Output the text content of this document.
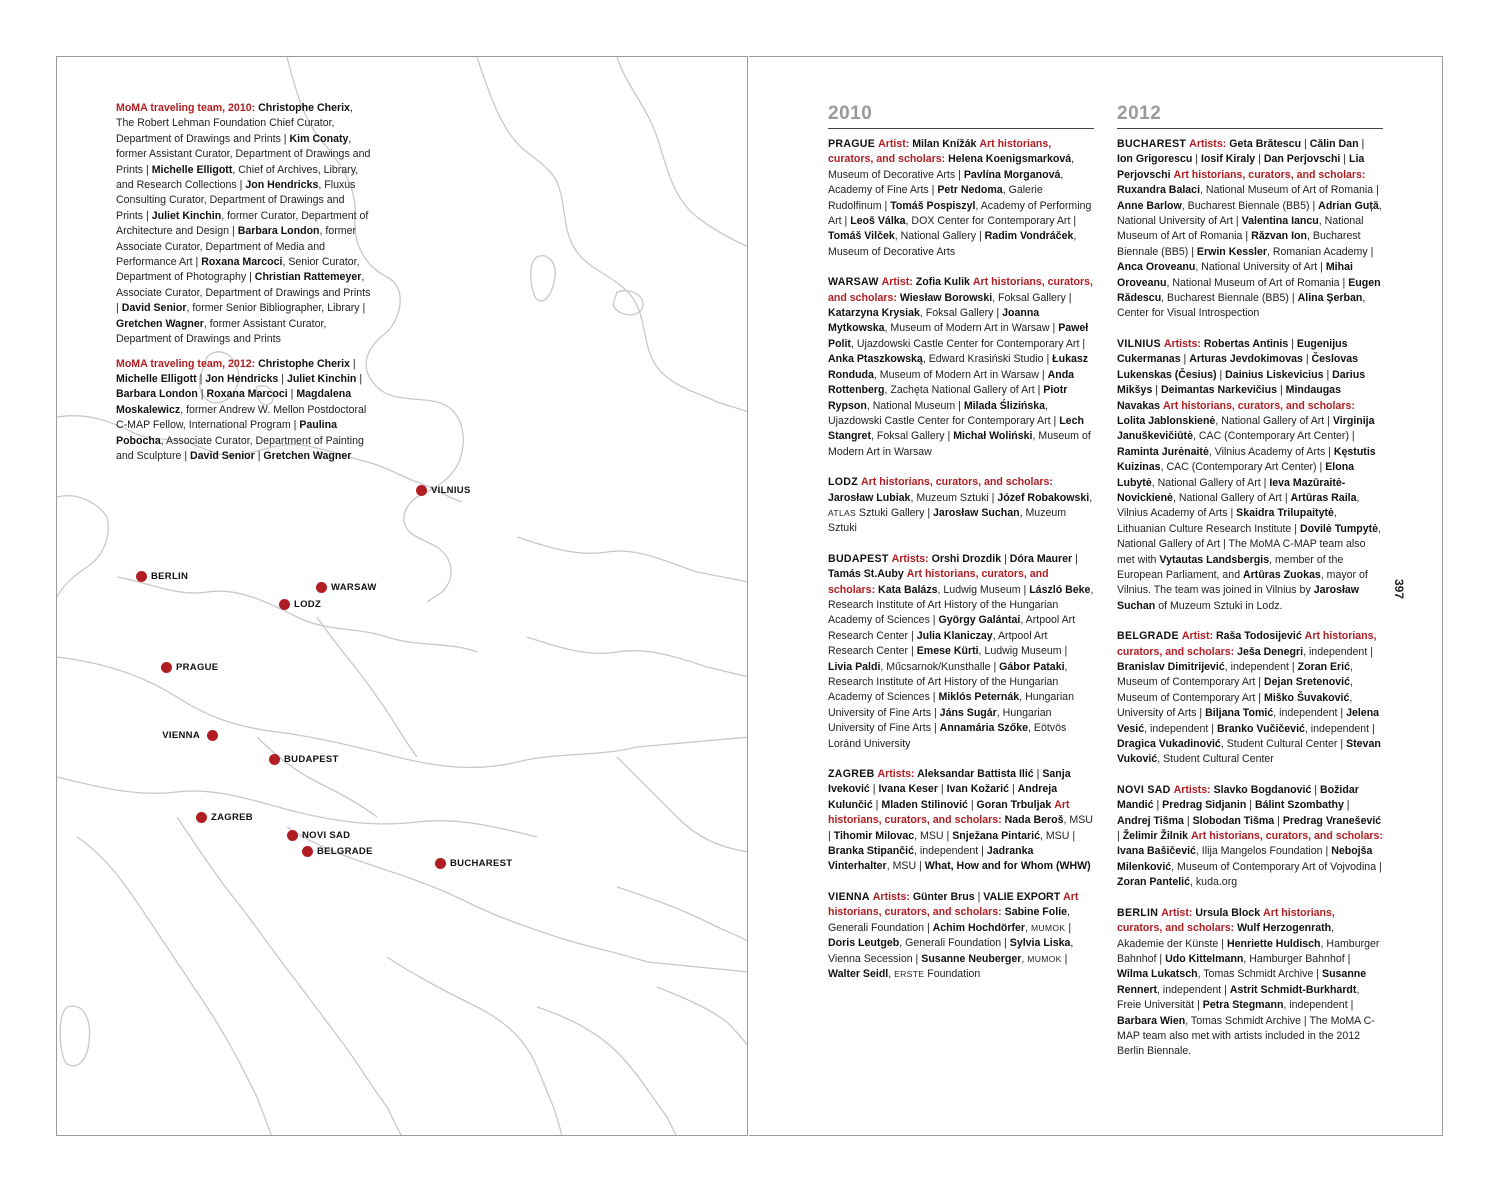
MoMA traveling team, 2010: Christophe Cherix, The Robert Lehman Foundation Chief Curator, Department of Drawings and Prints | Kim Conaty, former Assistant Curator, Department of Drawings and Prints | Michelle Elligott, Chief of Archives, Library, and Research Collections | Jon Hendricks, Fluxus Consulting Curator, Department of Drawings and Prints | Juliet Kinchin, former Curator, Department of Architecture and Design | Barbara London, former Associate Curator, Department of Media and Performance Art | Roxana Marcoci, Senior Curator, Department of Photography | Christian Rattemeyer, Associate Curator, Department of Drawings and Prints | David Senior, former Senior Bibliographer, Library | Gretchen Wagner, former Assistant Curator, Department of Drawings and Prints

MoMA traveling team, 2012: Christophe Cherix | Michelle Elligott | Jon Hendricks | Juliet Kinchin | Barbara London | Roxana Marcoci | Magdalena Moskalewicz, former Andrew W. Mellon Postdoctoral C-MAP Fellow, International Program | Paulina Pobocha, Associate Curator, Department of Painting and Sculpture | David Senior | Gretchen Wagner

VILNIUS
BERLIN
WARSAW
LODZ
PRAGUE
VIENNA
BUDAPEST
ZAGREB
NOVI SAD
BELGRADE
BUCHAREST
2010
PRAGUE Artist: Milan Knížák Art historians, curators, and scholars: Helena Koenigsmarková, Museum of Decorative Arts | Pavlína Morganová, Academy of Fine Arts | Petr Nedoma, Galerie Rudolfinum | Tomáš Pospiszyl, Academy of Performing Art | Leoš Válka, DOX Center for Contemporary Art | Tomáš Vilček, National Gallery | Radim Vondráček, Museum of Decorative Arts
WARSAW Artist: Zofia Kulik Art historians, curators, and scholars: Wiesław Borowski, Foksal Gallery | Katarzyna Krysiak, Foksal Gallery | Joanna Mytkowska, Museum of Modern Art in Warsaw | Paweł Polit, Ujazdowski Castle Center for Contemporary Art | Anka Ptaszkowską, Edward Krasiński Studio | Łukasz Ronduda, Museum of Modern Art in Warsaw | Anda Rottenberg, Zachęta National Gallery of Art | Piotr Rypson, National Museum | Milada Ślizińska, Ujazdowski Castle Center for Contemporary Art | Lech Stangret, Foksal Gallery | Michał Woliński, Museum of Modern Art in Warsaw
LODZ Art historians, curators, and scholars: Jarosław Lubiak, Muzeum Sztuki | Józef Robakowski, ATLAS Sztuki Gallery | Jarosław Suchan, Muzeum Sztuki
BUDAPEST Artists: Orshi Drozdik | Dóra Maurer | Tamás St.Auby Art historians, curators, and scholars: Kata Balázs, Ludwig Museum | László Beke, Research Institute of Art History of the Hungarian Academy of Sciences | György Galántai, Artpool Art Research Center | Julia Klaniczay, Artpool Art Research Center | Emese Kürti, Ludwig Museum | Livia Paldi, Műcsarnok/Kunsthalle | Gábor Pataki, Research Institute of Art History of the Hungarian Academy of Sciences | Miklós Peternák, Hungarian University of Fine Arts | Jáns Sugár, Hungarian University of Fine Arts | Annamária Szőke, Eötvös Loránd University
ZAGREB Artists: Aleksandar Battista Ilić | Sanja Iveković | Ivana Keser | Ivan Kožarić | Andreja Kulunčić | Mladen Stilinović | Goran Trbuljak Art historians, curators, and scholars: Nada Beroš, MSU | Tihomir Milovac, MSU | Snježana Pintarić, MSU | Branka Stipančić, independent | Jadranka Vinterhalter, MSU | What, How and for Whom (WHW)
VIENNA Artists: Günter Brus | VALIE EXPORT Art historians, curators, and scholars: Sabine Folie, Generali Foundation | Achim Hochdörfer, MUMOK | Doris Leutgeb, Generali Foundation | Sylvia Liska, Vienna Secession | Susanne Neuberger, MUMOK | Walter Seidl, ERSTE Foundation
2012
BUCHAREST Artists: Geta Brătescu | Călin Dan | Ion Grigorescu | Iosif Kiraly | Dan Perjovschi | Lia Perjovschi Art historians, curators, and scholars: Ruxandra Balaci, National Museum of Art of Romania | Anne Barlow, Bucharest Biennale (BB5) | Adrian Guță, National University of Art | Valentina Iancu, National Museum of Art of Romania | Răzvan Ion, Bucharest Biennale (BB5) | Erwin Kessler, Romanian Academy | Anca Oroveanu, National University of Art | Mihai Oroveanu, National Museum of Art of Romania | Eugen Rădescu, Bucharest Biennale (BB5) | Alina Şerban, Center for Visual Introspection
VILNIUS Artists: Robertas Antinis | Eugenijus Cukermanas | Arturas Jevdokimovas | Česlovas Lukenskas (Česius) | Dainius Liskevicius | Darius Mikšys | Deimantas Narkevičius | Mindaugas Navakas Art historians, curators, and scholars: Lolita Jablonskienė, National Gallery of Art | Virginija Januškevičiūtė, CAC (Contemporary Art Center) | Raminta Jurėnaitė, Vilnius Academy of Arts | Kęstutis Kuizinas, CAC (Contemporary Art Center) | Elona Lubytė, National Gallery of Art | Ieva Mazūraitė-Novickienė, National Gallery of Art | Artūras Raila, Vilnius Academy of Arts | Skaidra Trilupaitytė, Lithuanian Culture Research Institute | Dovilė Tumpytė, National Gallery of Art | The MoMA C-MAP team also met with Vytautas Landsbergis, member of the European Parliament, and Artūras Zuokas, mayor of Vilnius. The team was joined in Vilnius by Jarosław Suchan of Muzeum Sztuki in Lodz.
BELGRADE Artist: Raša Todosijević Art historians, curators, and scholars: Ješa Denegri, independent | Branislav Dimitrijević, independent | Zoran Erić, Museum of Contemporary Art | Dejan Sretenović, Museum of Contemporary Art | Miško Šuvaković, University of Arts | Biljana Tomić, independent | Jelena Vesić, independent | Branko Vučičević, independent | Dragica Vukadinović, Student Cultural Center | Stevan Vuković, Student Cultural Center
NOVI SAD Artists: Slavko Bogdanović | Božidar Mandić | Predrag Sidjanin | Bálint Szombathy | Andrej Tišma | Slobodan Tišma | Predrag Vranešević | Želimir Žilnik Art historians, curators, and scholars: Ivana Bašičević, Ilija Mangelos Foundation | Nebojša Milenković, Museum of Contemporary Art of Vojvodina | Zoran Pantelić, kuda.org
BERLIN Artist: Ursula Block Art historians, curators, and scholars: Wulf Herzogenrath, Akademie der Künste | Henriette Huldisch, Hamburger Bahnhof | Udo Kittelmann, Hamburger Bahnhof | Wilma Lukatsch, Tomas Schmidt Archive | Susanne Rennert, independent | Astrit Schmidt-Burkhardt, Freie Universität | Petra Stegmann, independent | Barbara Wien, Tomas Schmidt Archive | The MoMA C-MAP team also met with artists included in the 2012 Berlin Biennale.
397
